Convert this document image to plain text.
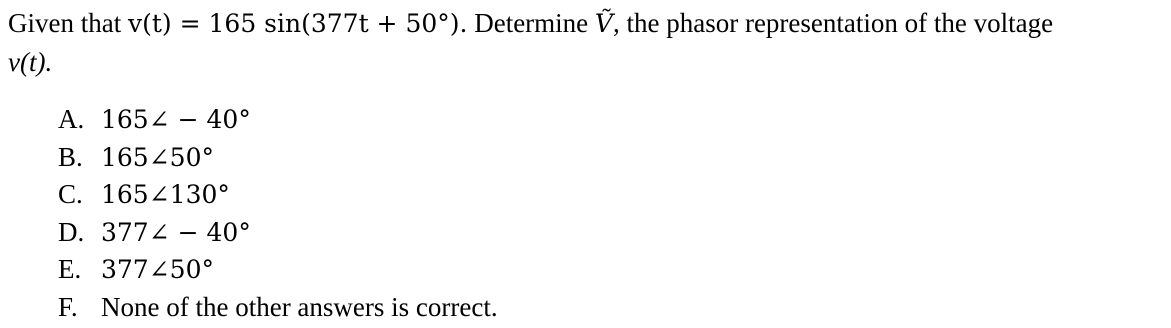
Given that v(t) = 165 sin(377t + 50°). Determine Ṽ, the phasor representation of the voltage
v(t).
A. 165∠ − 40°
B. 165∠50°
C. 165∠130°
D. 377∠ − 40°
E. 377∠50°
F. None of the other answers is correct.
